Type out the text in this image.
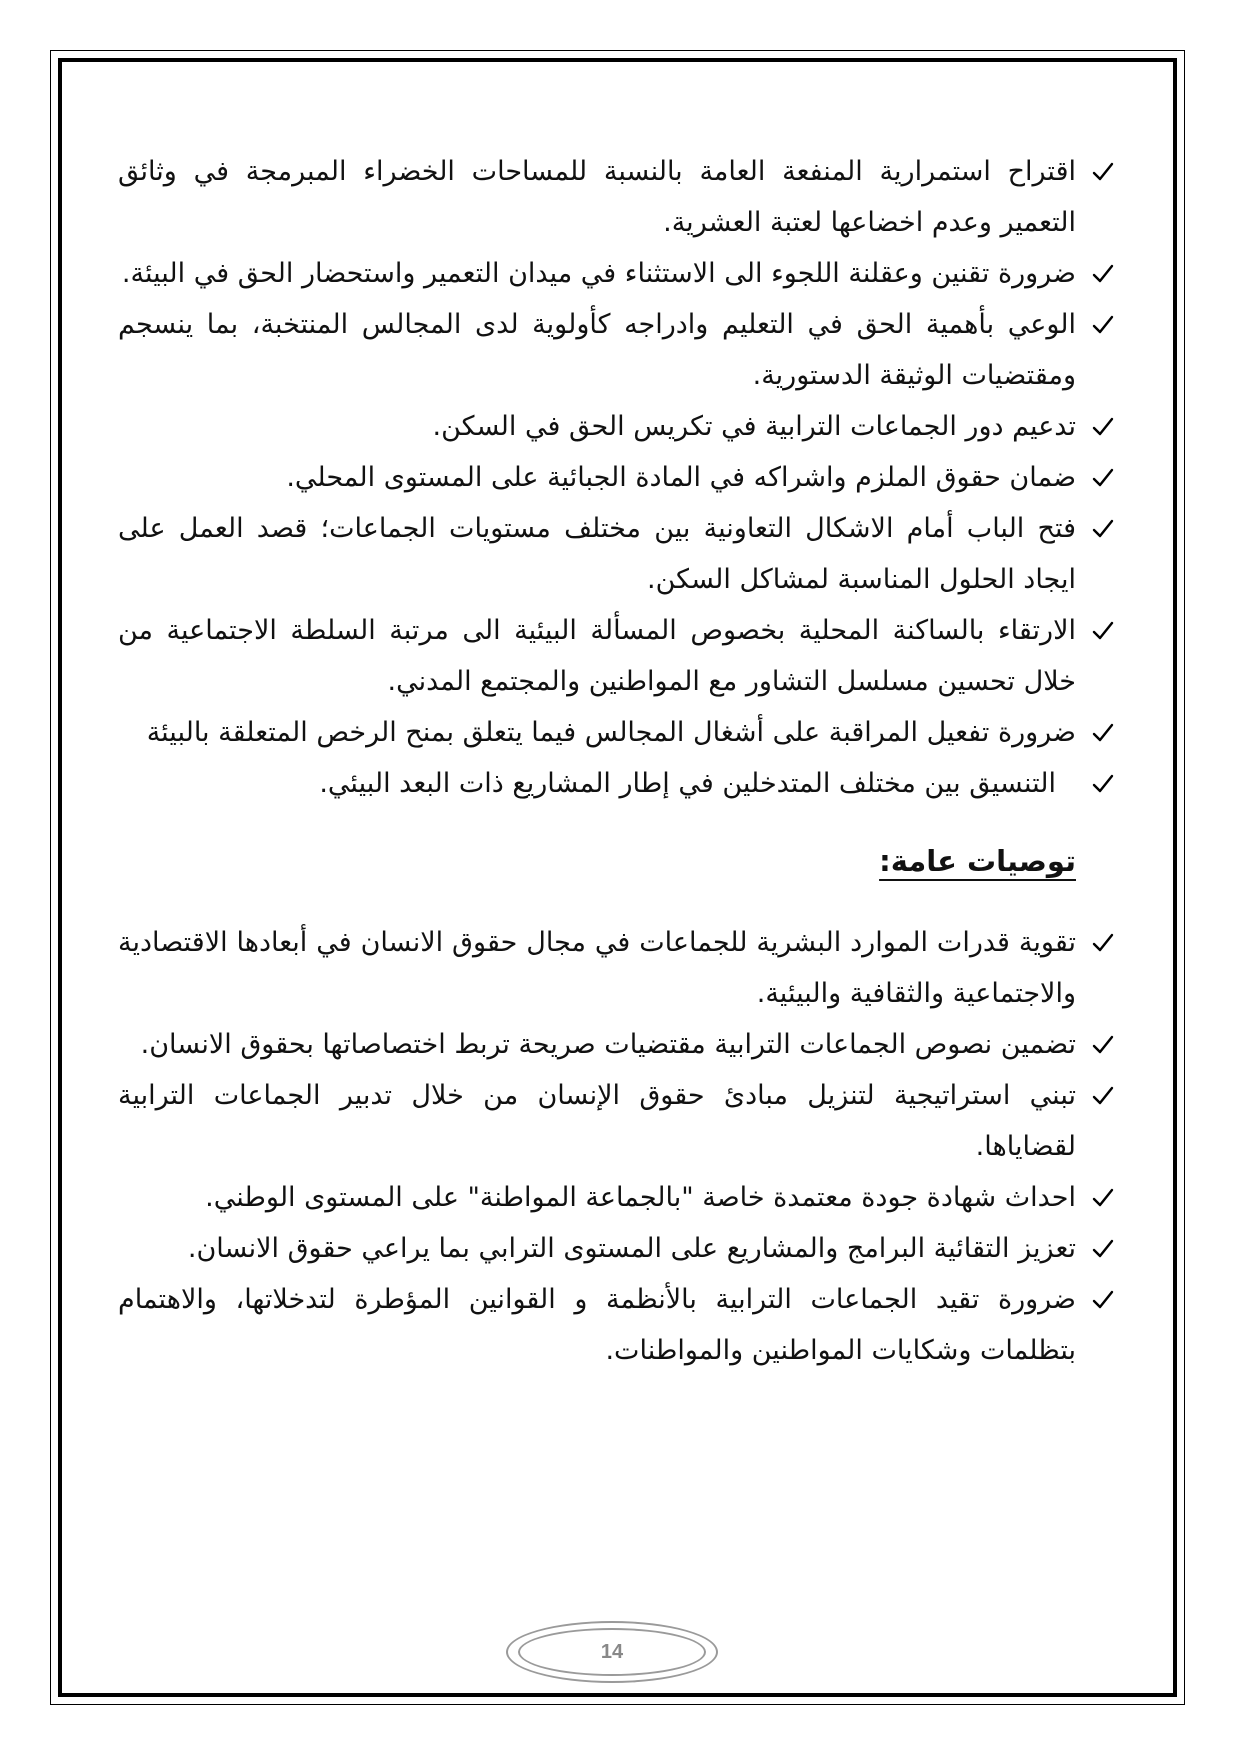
اقتراح استمرارية المنفعة العامة بالنسبة للمساحات الخضراء المبرمجة في وثائق التعمير وعدم اخضاعها لعتبة العشرية.
ضرورة تقنين وعقلنة اللجوء الى الاستثناء في ميدان التعمير واستحضار الحق في البيئة.
الوعي بأهمية الحق في التعليم وادراجه كأولوية لدى المجالس المنتخبة، بما ينسجم ومقتضيات الوثيقة الدستورية.
تدعيم دور الجماعات الترابية في تكريس الحق في السكن.
ضمان حقوق الملزم واشراكه في المادة الجبائية على المستوى المحلي.
فتح الباب أمام الاشكال التعاونية بين مختلف مستويات الجماعات؛ قصد العمل على ايجاد الحلول المناسبة لمشاكل السكن.
الارتقاء بالساكنة المحلية بخصوص المسألة البيئية الى مرتبة السلطة الاجتماعية من خلال تحسين مسلسل التشاور مع المواطنين والمجتمع المدني.
ضرورة تفعيل المراقبة على أشغال المجالس فيما يتعلق بمنح الرخص المتعلقة بالبيئة
التنسيق بين مختلف المتدخلين في إطار المشاريع ذات البعد البيئي.
توصيات عامة:
تقوية قدرات الموارد البشرية للجماعات في مجال حقوق الانسان في أبعادها الاقتصادية والاجتماعية والثقافية والبيئية.
تضمين نصوص الجماعات الترابية مقتضيات صريحة تربط اختصاصاتها بحقوق الانسان.
تبني استراتيجية لتنزيل مبادئ حقوق الإنسان من خلال تدبير الجماعات الترابية لقضاياها.
احداث شهادة جودة معتمدة خاصة "بالجماعة المواطنة" على المستوى الوطني.
تعزيز التقائية البرامج والمشاريع على المستوى الترابي بما يراعي حقوق الانسان.
ضرورة تقيد الجماعات الترابية بالأنظمة و القوانين المؤطرة لتدخلاتها، والاهتمام بتظلمات وشكايات المواطنين والمواطنات.
14
